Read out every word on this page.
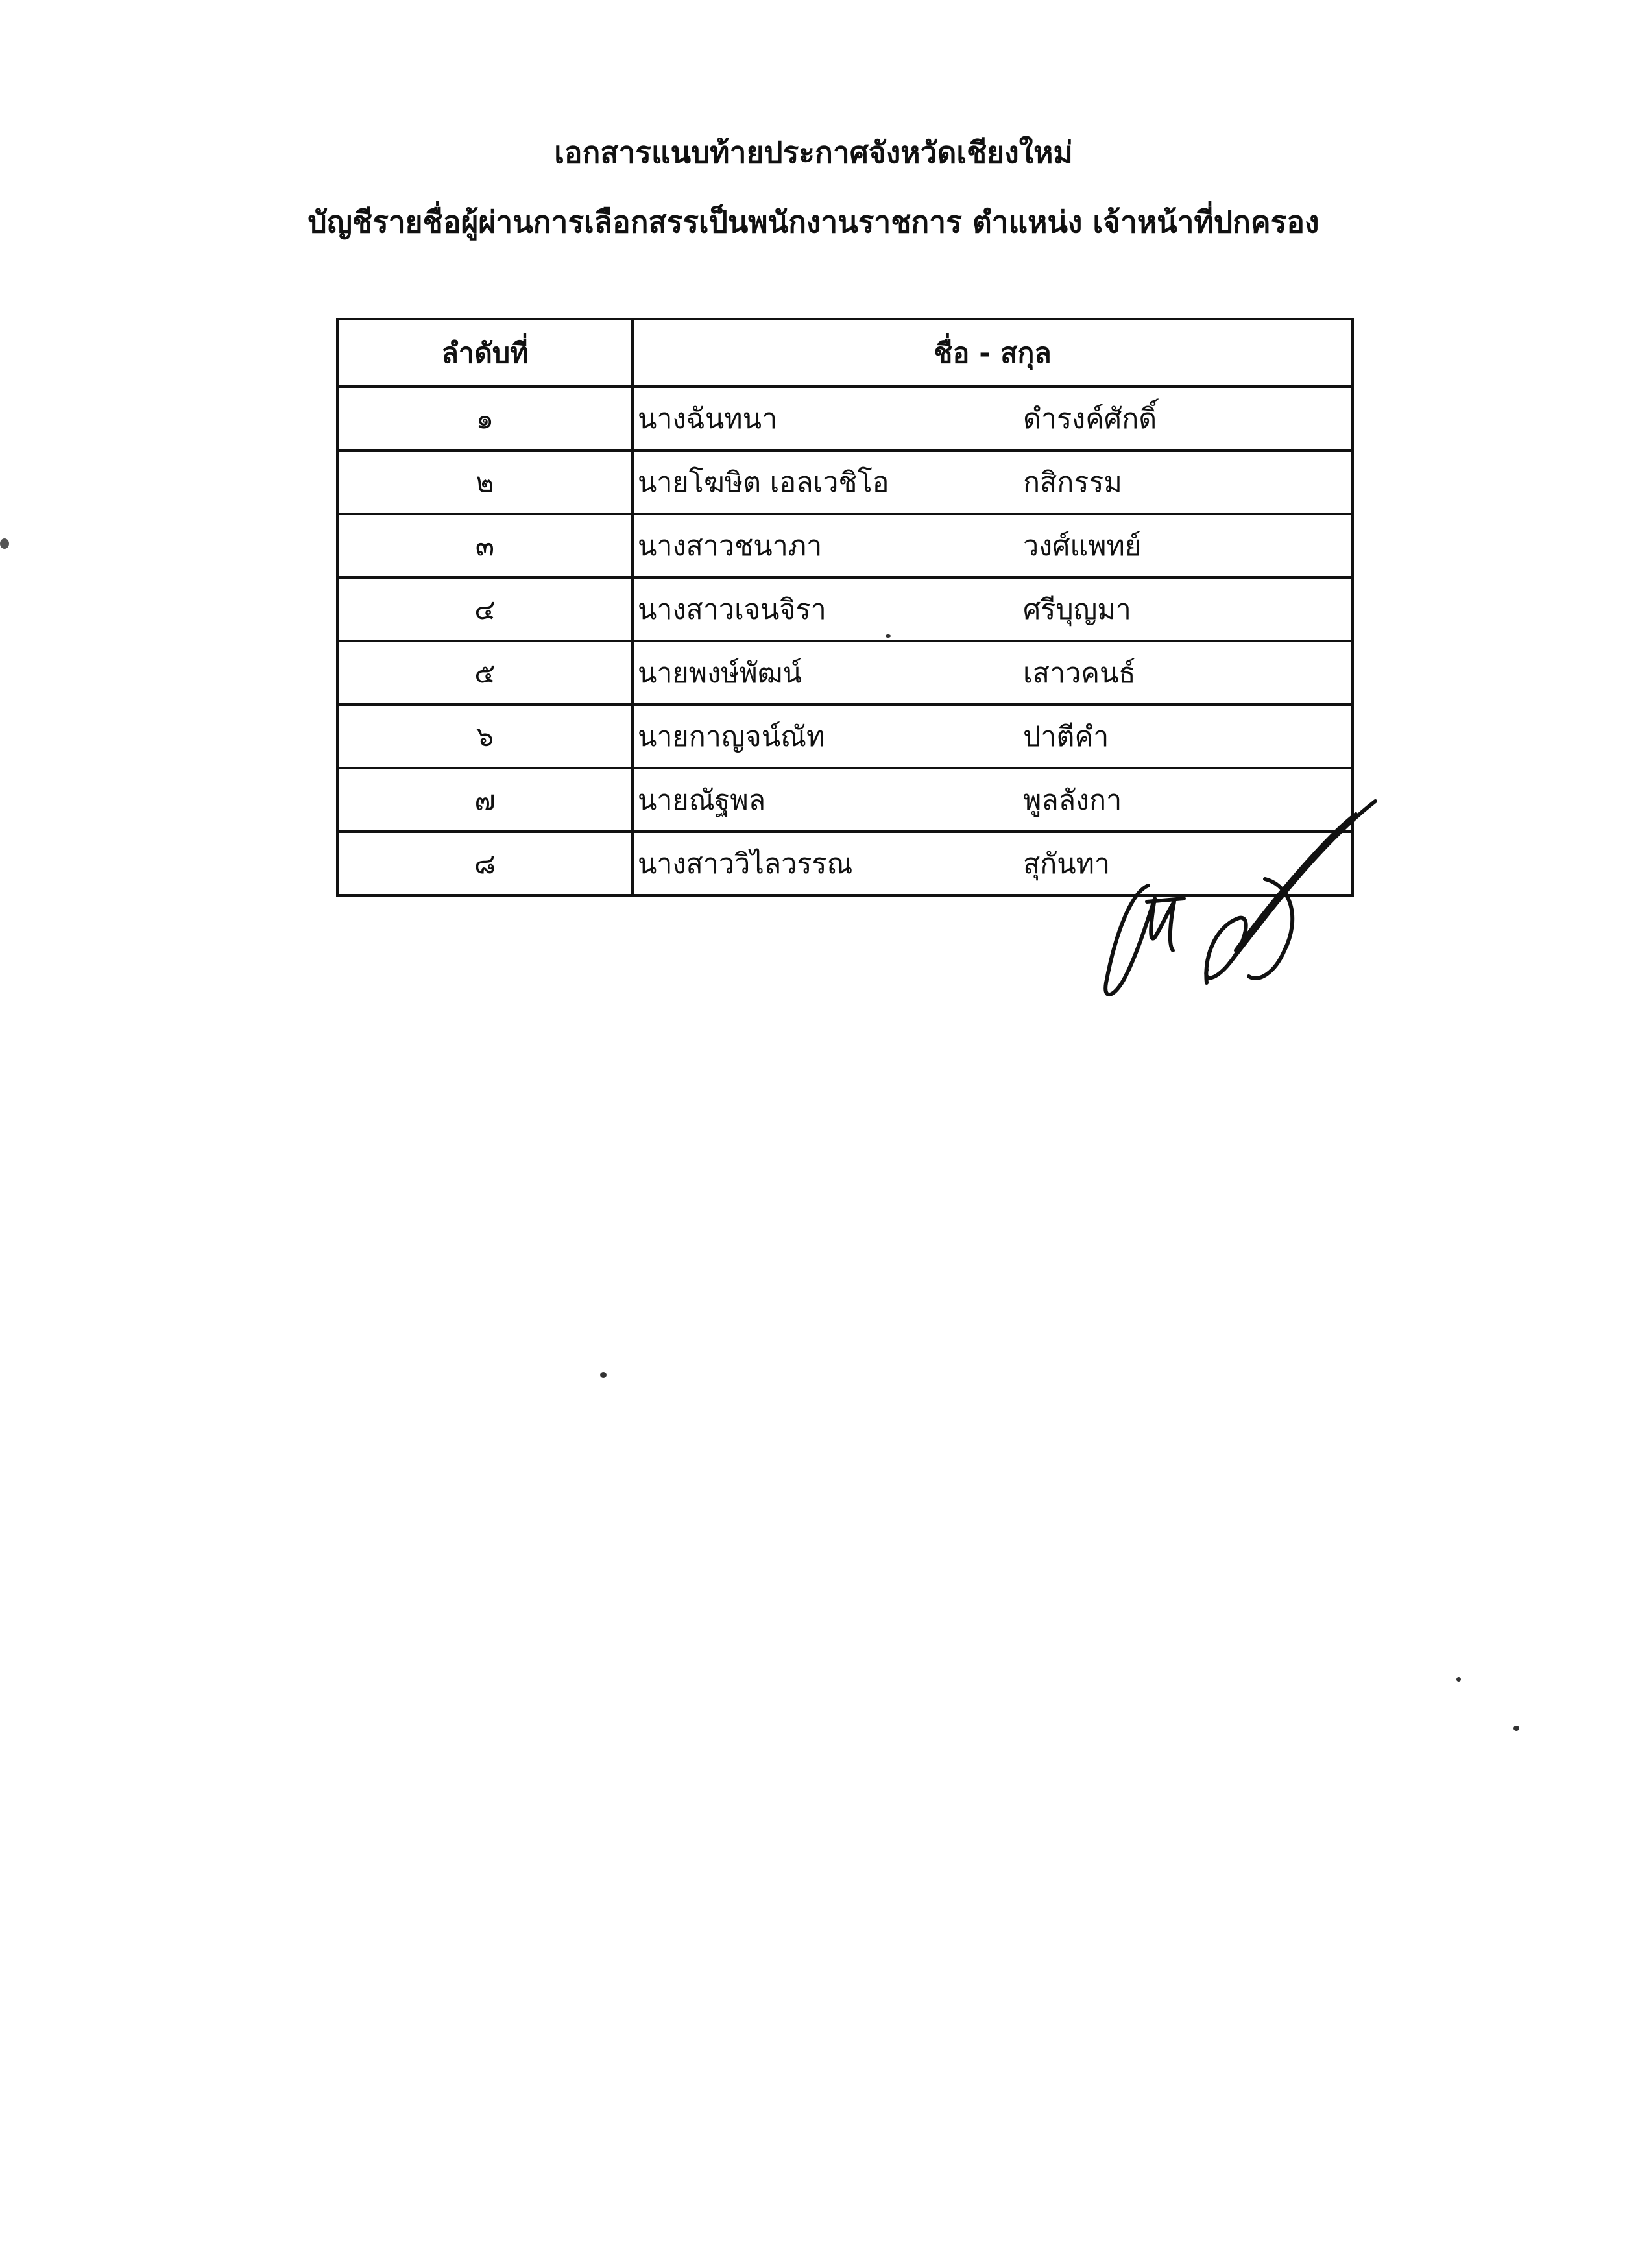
เอกสารแนบท้ายประกาศจังหวัดเชียงใหม่
บัญชีรายชื่อผู้ผ่านการเลือกสรรเป็นพนักงานราชการ ตำแหน่ง เจ้าหน้าที่ปกครอง
ลำดับที่	ชื่อ - สกุล
๑	นางฉันทนา ดำรงค์ศักดิ์

๒	นายโฆษิต เอลเวชิโอ กสิกรรม

๓	นางสาวชนาภา วงศ์แพทย์

๔	นางสาวเจนจิรา ศรีบุญมา

๕	นายพงษ์พัฒน์ เสาวคนธ์

๖	นายกาญจน์ณัท ปาตีคำ

๗	นายณัฐพล พูลลังกา

๘	นางสาววิไลวรรณ สุกันทา
